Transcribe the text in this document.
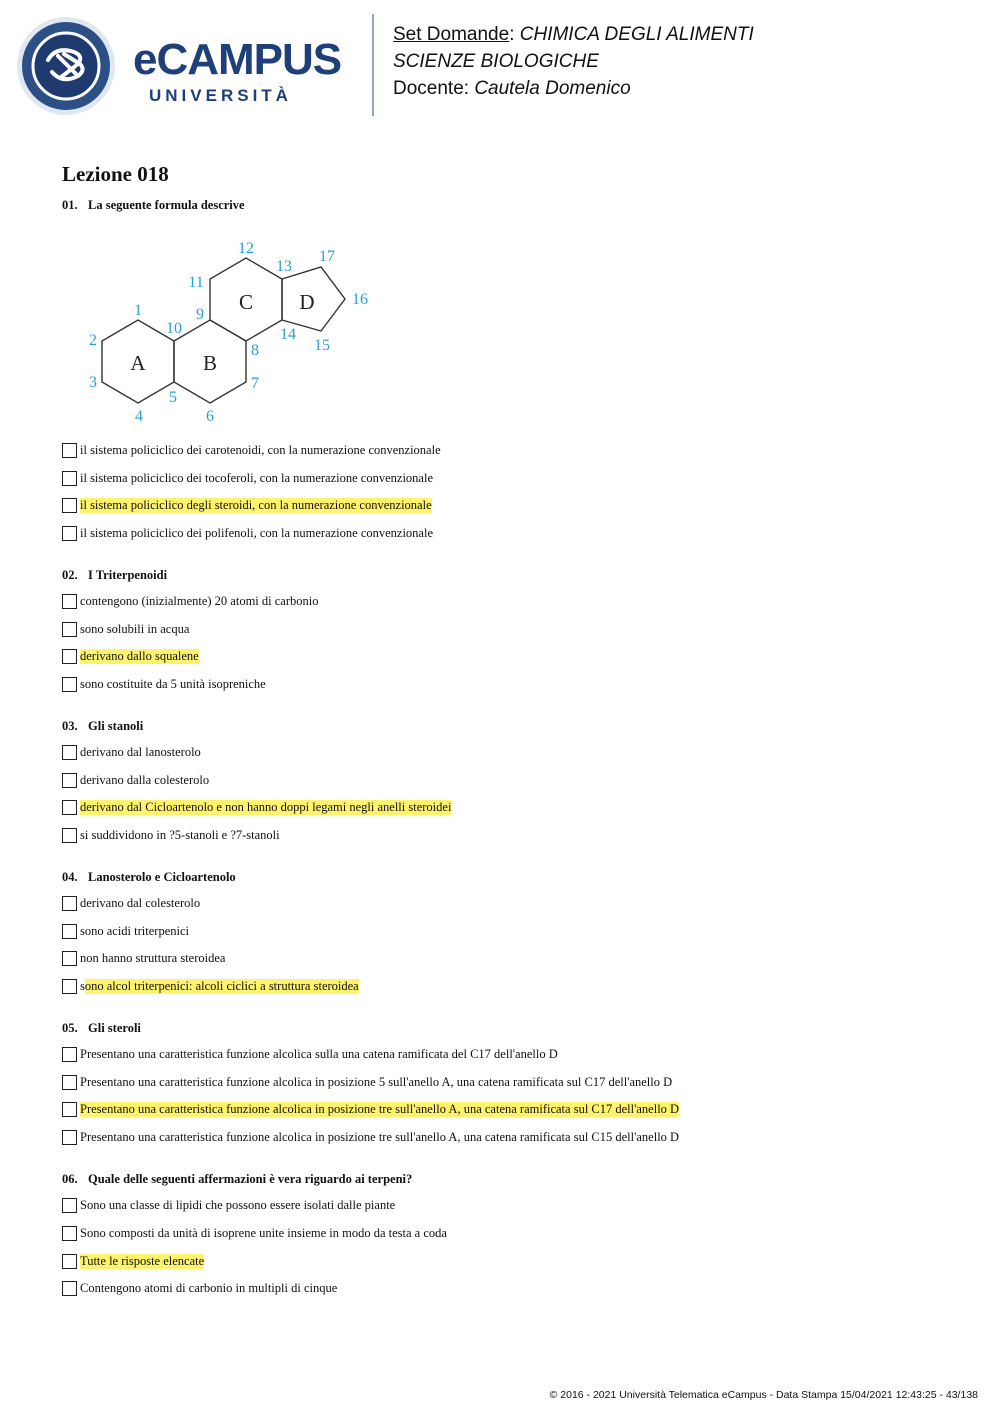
eCAMPUS
UNIVERSITÀ
Set Domande: CHIMICA DEGLI ALIMENTI
SCIENZE BIOLOGICHE
Docente: Cautela Domenico
Lezione 018
A	B
C D
1
2
3
4
5
6
7
8
9
10
11
12
13
14
15
16
17
01. La seguente formula descrive
il sistema policiclico dei carotenoidi, con la numerazione convenzionale
il sistema policiclico dei tocoferoli, con la numerazione convenzionale
il sistema policiclico degli steroidi, con la numerazione convenzionale
il sistema policiclico dei polifenoli, con la numerazione convenzionale
02. I Triterpenoidi
contengono (inizialmente) 20 atomi di carbonio
sono solubili in acqua
derivano dallo squalene
sono costituite da 5 unità isopreniche
03. Gli stanoli
derivano dal lanosterolo
derivano dalla colesterolo
derivano dal Cicloartenolo e non hanno doppi legami negli anelli steroidei
si suddividono in ?5-stanoli e ?7-stanoli
04. Lanosterolo e Cicloartenolo
derivano dal colesterolo
sono acidi triterpenici
non hanno struttura steroidea
s ono alcol triterpenici: alcoli ciclici a struttura steroidea
05. Gli steroli
Presentano una caratteristica funzione alcolica sulla una catena ramificata del C17 dell'anello D
Presentano una caratteristica funzione alcolica in posizione 5 sull'anello A, una catena ramificata sul C17 dell'anello D
Presentano una caratteristica funzione alcolica in posizione tre sull'anello A, una catena ramificata sul C17 dell'anello D
Presentano una caratteristica funzione alcolica in posizione tre sull'anello A, una catena ramificata sul C15 dell'anello D
06. Quale delle seguenti affermazioni è vera riguardo ai terpeni?
Sono una classe di lipidi che possono essere isolati dalle piante
Sono composti da unità di isoprene unite insieme in modo da testa a coda
Tutte le risposte elencate
Contengono atomi di carbonio in multipli di cinque
© 2016 - 2021 Università Telematica eCampus - Data Stampa 15/04/2021 12:43:25 - 43/138
